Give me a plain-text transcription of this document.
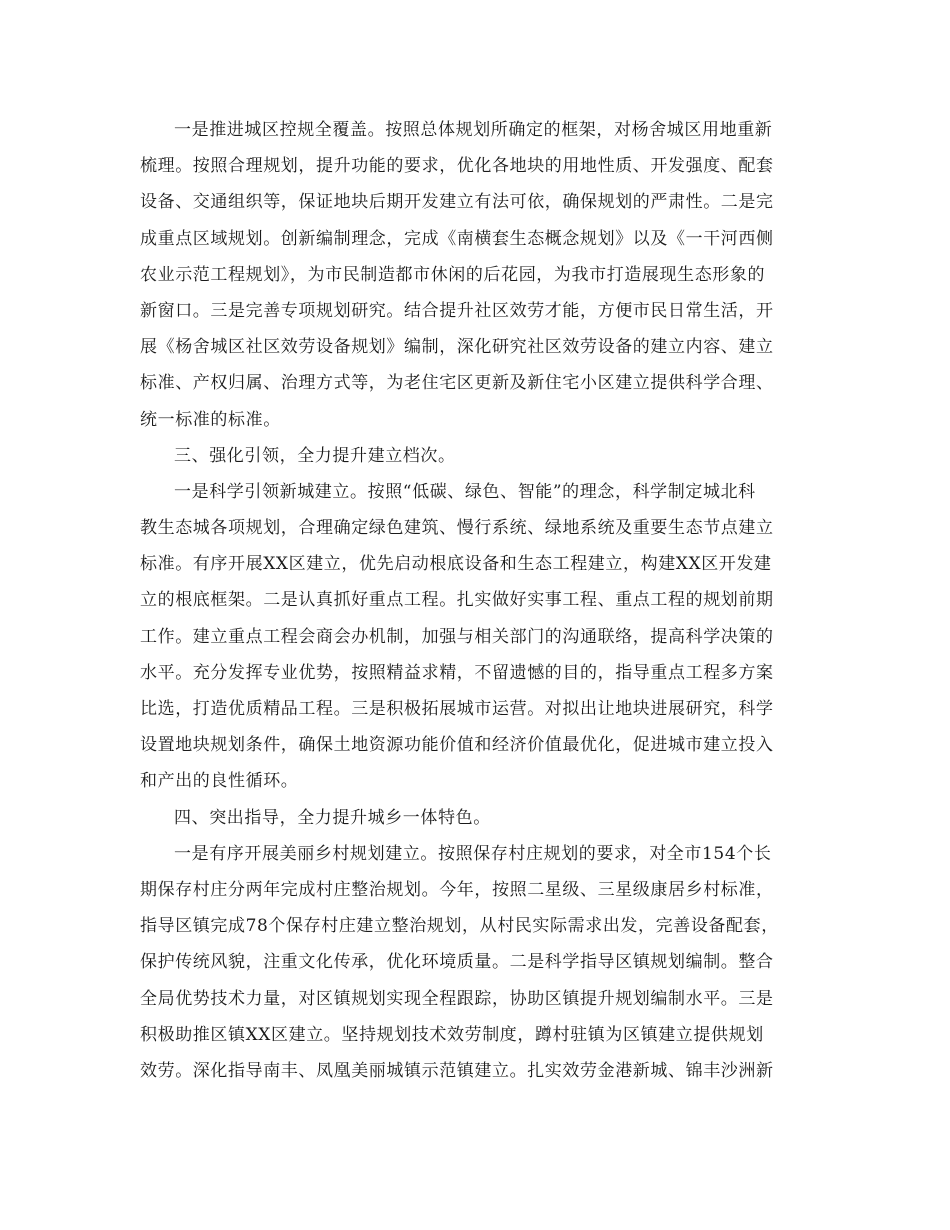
一是推进城区控规全覆盖。按照总体规划所确定的框架，对杨舍城区用地重新
梳理。按照合理规划，提升功能的要求，优化各地块的用地性质、开发强度、配套
设备、交通组织等，保证地块后期开发建立有法可依，确保规划的严肃性。二是完
成重点区域规划。创新编制理念，完成《南横套生态概念规划》以及《一干河西侧
农业示范工程规划》，为市民制造都市休闲的后花园，为我市打造展现生态形象的
新窗口。三是完善专项规划研究。结合提升社区效劳才能，方便市民日常生活，开
展《杨舍城区社区效劳设备规划》编制，深化研究社区效劳设备的建立内容、建立
标准、产权归属、治理方式等，为老住宅区更新及新住宅小区建立提供科学合理、
统一标准的标准。
三、强化引领，全力提升建立档次。
一是科学引领新城建立。按照“低碳、绿色、智能”的理念，科学制定城北科
教生态城各项规划，合理确定绿色建筑、慢行系统、绿地系统及重要生态节点建立
标准。有序开展XX区建立，优先启动根底设备和生态工程建立，构建XX区开发建
立的根底框架。二是认真抓好重点工程。扎实做好实事工程、重点工程的规划前期
工作。建立重点工程会商会办机制，加强与相关部门的沟通联络，提高科学决策的
水平。充分发挥专业优势，按照精益求精，不留遗憾的目的，指导重点工程多方案
比选，打造优质精品工程。三是积极拓展城市运营。对拟出让地块进展研究，科学
设置地块规划条件，确保土地资源功能价值和经济价值最优化，促进城市建立投入
和产出的良性循环。
四、突出指导，全力提升城乡一体特色。
一是有序开展美丽乡村规划建立。按照保存村庄规划的要求，对全市154个长
期保存村庄分两年完成村庄整治规划。今年，按照二星级、三星级康居乡村标准，
指导区镇完成78个保存村庄建立整治规划，从村民实际需求出发，完善设备配套，
保护传统风貌，注重文化传承，优化环境质量。二是科学指导区镇规划编制。整合
全局优势技术力量，对区镇规划实现全程跟踪，协助区镇提升规划编制水平。三是
积极助推区镇XX区建立。坚持规划技术效劳制度，蹲村驻镇为区镇建立提供规划
效劳。深化指导南丰、凤凰美丽城镇示范镇建立。扎实效劳金港新城、锦丰沙洲新
